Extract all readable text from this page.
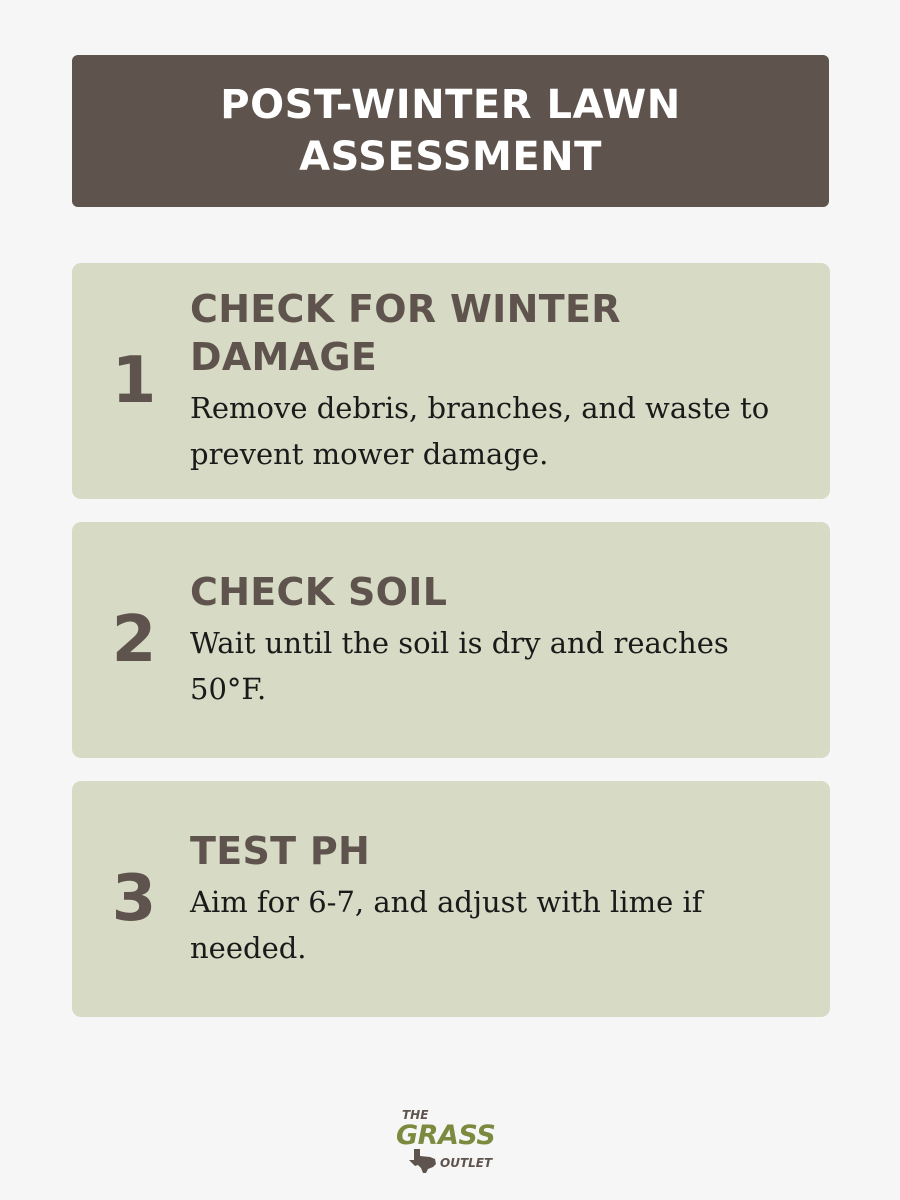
POST-WINTER LAWN ASSESSMENT
1
CHECK FOR WINTER DAMAGE
Remove debris, branches, and waste to prevent mower damage.
2
CHECK SOIL
Wait until the soil is dry and reaches 50°F.
3
TEST PH
Aim for 6-7, and adjust with lime if needed.
THE
GRASS
OUTLET
